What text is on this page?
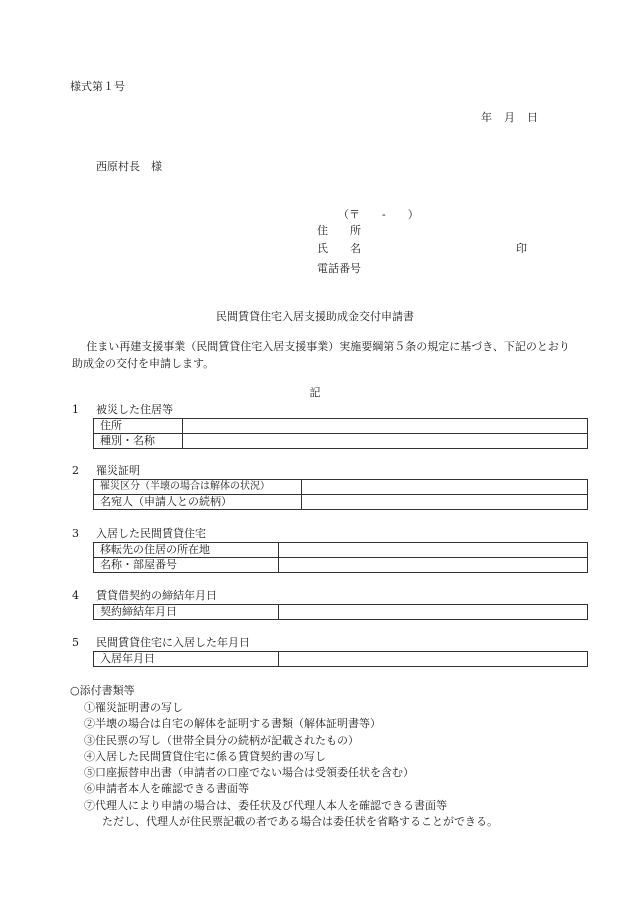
様式第１号
年 月 日
西原村長　様
（〒　　-　　）
住　　所
氏　　名	印
電話番号
民間賃貸住宅入居支援助成金交付申請書
住まい再建支援事業（民間賃貸住宅入居支援事業）実施要綱第５条の規定に基づき、下記のとおり助成金の交付を申請します。
記
1 被災した住居等
住所	
種別・名称	
2 罹災証明
罹災区分（半壊の場合は解体の状況）	
名宛人（申請人との続柄）	
3 入居した民間賃貸住宅
移転先の住居の所在地	
名称・部屋番号	
4 賃貸借契約の締結年月日
契約締結年月日	
5 民間賃貸住宅に入居した年月日
入居年月日	
○添付書類等
①罹災証明書の写し
②半壊の場合は自宅の解体を証明する書類（解体証明書等）
③住民票の写し（世帯全員分の続柄が記載されたもの）
④入居した民間賃貸住宅に係る賃貸契約書の写し
⑤口座振替申出書（申請者の口座でない場合は受領委任状を含む）
⑥申請者本人を確認できる書面等
⑦代理人により申請の場合は、委任状及び代理人本人を確認できる書面等
ただし、代理人が住民票記載の者である場合は委任状を省略することができる。
